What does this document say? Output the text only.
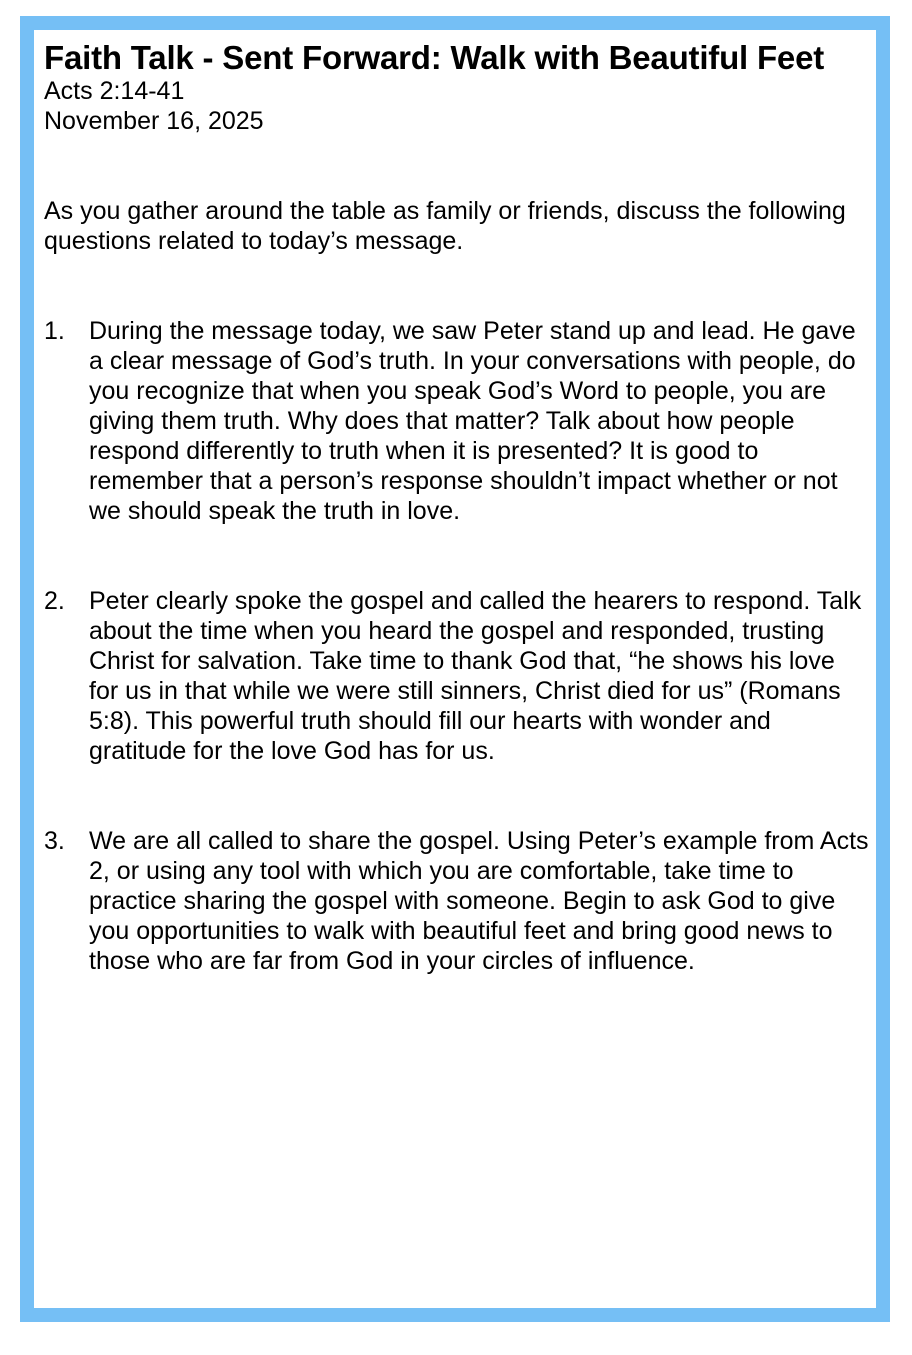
Faith Talk - Sent Forward: Walk with Beautiful Feet
Acts 2:14-41
November 16, 2025
As you gather around the table as family or friends, discuss the following questions related to today’s message.
1. During the message today, we saw Peter stand up and lead. He gave a clear message of God’s truth. In your conversations with people, do you recognize that when you speak God’s Word to people, you are giving them truth. Why does that matter? Talk about how people respond differently to truth when it is presented? It is good to remember that a person’s response shouldn’t impact whether or not we should speak the truth in love.
2. Peter clearly spoke the gospel and called the hearers to respond. Talk about the time when you heard the gospel and responded, trusting Christ for salvation. Take time to thank God that, “he shows his love for us in that while we were still sinners, Christ died for us” (Romans 5:8). This powerful truth should fill our hearts with wonder and gratitude for the love God has for us.
3. We are all called to share the gospel. Using Peter’s example from Acts 2, or using any tool with which you are comfortable, take time to practice sharing the gospel with someone. Begin to ask God to give you opportunities to walk with beautiful feet and bring good news to those who are far from God in your circles of influence.
